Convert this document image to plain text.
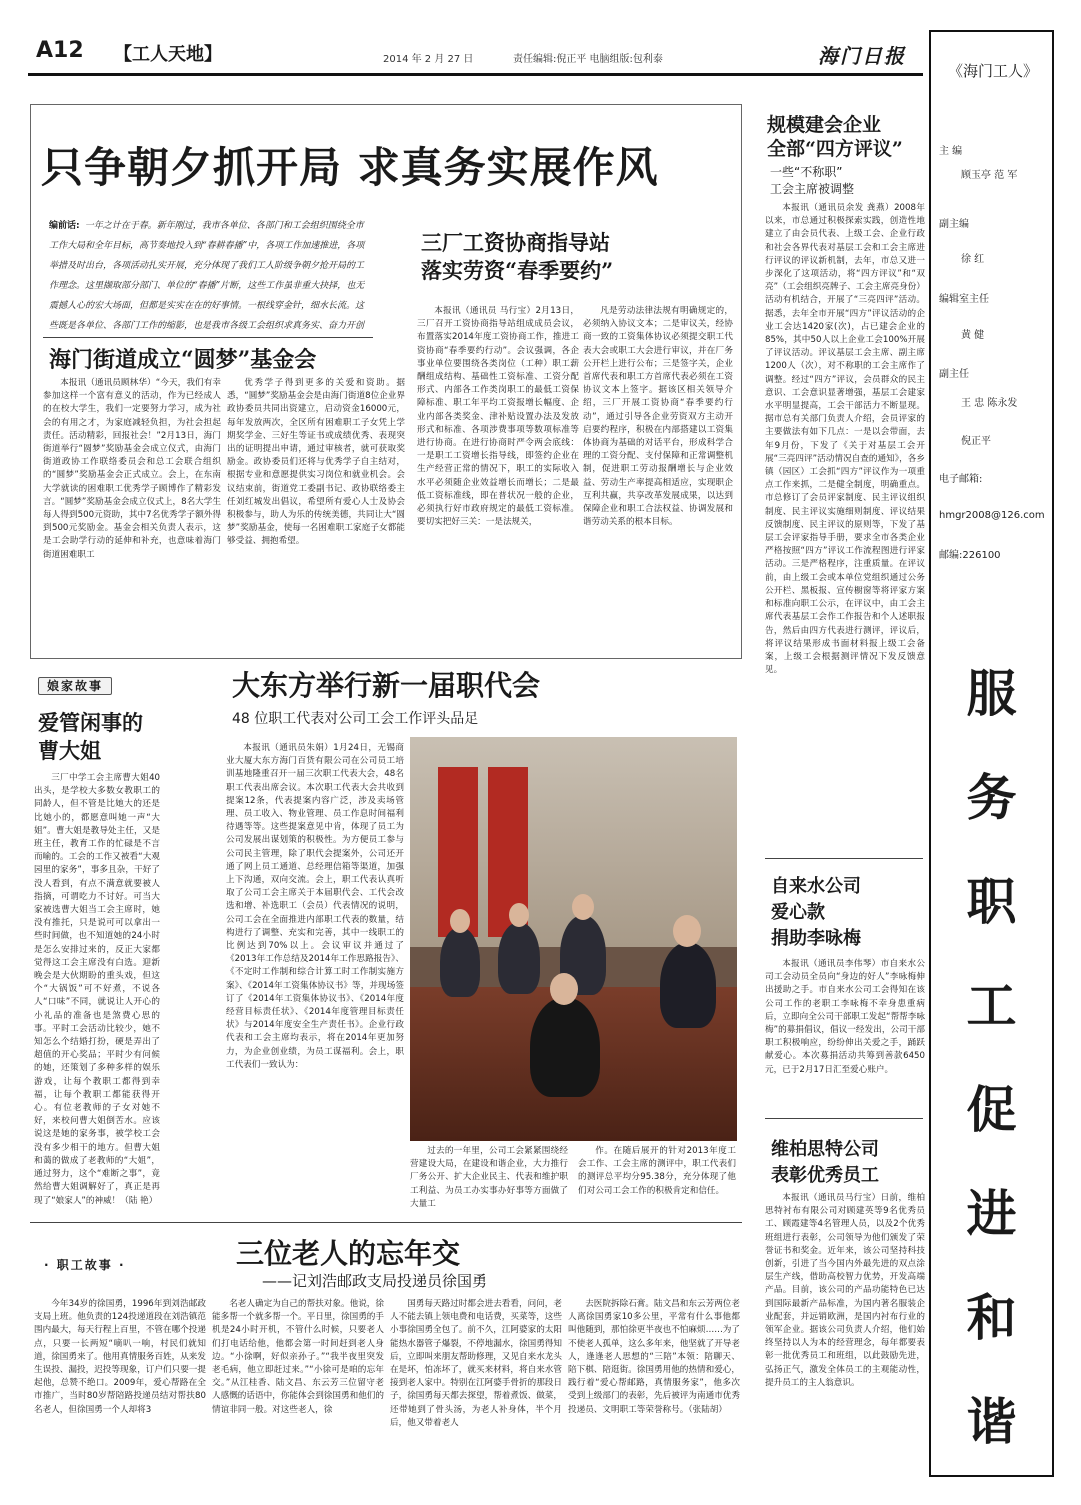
A12 【工人天地】	2014 年 2 月 27 日	责任编辑:倪正平 电脑组版:包利泰	海门日报
《海门工人》
主 编
顾玉亭 范 军
副主编
徐 红
编辑室主任
黄 健
副主任
王 忠 陈永发
倪正平
电子邮箱:
hmgr2008@126.com
邮编:226100
服
务
职
工
促
进
和
谐
只争朝夕抓开局 求真务实展作风
编前话: 一年之计在于春。新年刚过，我市各单位、各部门和工会组织围绕全市工作大局和全年目标，高节奏地投入到“春耕春播”中，各项工作加速推进，各项举措及时出台，各项活动扎实开展，充分体现了我们工人阶级争朝夕抢开局的工作理念。这里撷取部分部门、单位的“春播”片断，这些工作虽非重大抉择，也无震撼人心的宏大场面，但都是实实在在的好事情。一根线穿金针，细水长流。这些既是各单位、各部门工作的缩影，也是我市各级工会组织求真务实、奋力开创
三厂工资协商指导站
落实劳资“春季要约”
本报讯（通讯员 马行宝）2月13日，三厂召开工资协商指导站组成成员会议，布置落实2014年度工资协商工作，推进工资协商“春季要约行动”。会议强调，各企事业单位要围绕各类岗位（工种）职工薪酬组成结构、基础性工资标准、工资分配形式、内部各工作类岗职工的最低工资保障标准、职工年平均工资报增长幅度、企业内部各类奖金、津补贴设置办法及发放形式和标准、各项涉费事项等数项标准等进行协商。在进行协商时严令两会底线：一是职工工资增长指导线，即签约企业在生产经营正常的情况下，职工的实际收入水平必须随企业效益增长而增长；二是最低工资标准线，即在普状况一般的企业，必须执行好市政府规定的最低工资标准。要切实把好三关：一是法规关，
凡是劳动法律法规有明确规定的，必须纳入协议文本；二是审议关，经协商一致的工资集体协议必须提交职工代表大会或职工大会进行审议，并在厂务公开栏上进行公布；三是签字关，企业首席代表和职工方首席代表必须在工资协议文本上签字。据该区相关领导介绍，三厂开展工资协商“春季要约行动”，通过引导各企业劳资双方主动开启要约程序，积极在内部搭建以工资集体协商为基础的对话平台，形成科学合理的工资分配、支付保障和正常调整机制，促进职工劳动报酬增长与企业效益、劳动生产率提高相适应，实现职企互利共赢，共享改革发展成果，以达到保障企业和职工合法权益、协调发展和谐劳动关系的根本目标。
海门街道成立“圆梦”基金会
本报讯（通讯员顾林华）“今天，我们有幸参加这样一个富有意义的活动，作为已经成人的在校大学生，我们一定要努力学习，成为社会的有用之才，为家庭减轻负担，为社会担起责任。活动精彩，回报社会！”2月13日，海门街道举行“圆梦”奖励基金会成立仪式，由海门街道政协工作联络委员会和总工会联合组织的“圆梦”奖励基金会正式成立。会上，在东南大学就读的困难职工优秀学子顾博作了精彩发言。“圆梦”奖励基金会成立仪式上，8名大学生每人得到500元资助，其中7名优秀学子额外得到500元奖励金。基金会相关负责人表示，这是工会助学行动的延伸和补充，也意味着海门街道困难职工
优秀学子得到更多的关爱和资助。据悉，“圆梦”奖励基金会是由海门街道8位企业界政协委员共同出资建立，启动资金16000元，每年发放两次，全区所有困难职工子女凭上学期奖学金、三好生等证书或成绩优秀、表现突出的证明提出申请，通过审核者，就可获取奖励金。政协委员们还将与优秀学子自主结对，根据专业和意愿提供实习岗位和就业机会。会议结束前，街道党工委副书记、政协联络委主任刘红城发出倡议，希望所有爱心人士及协会积极参与，助人为乐的传统美德，共同让大“圆梦”奖励基金，使每一名困难职工家庭子女都能够受益、拥抱希望。
规模建会企业
全部“四方评议”
一些“不称职”
工会主席被调整
本报讯（通讯员余发 龚燕）2008年以来，市总通过积极探索实践，创造性地建立了由会员代表、上级工会、企业行政和社会各界代表对基层工会和工会主席进行评议的评议新机制，去年，市总又进一步深化了这项活动，将“四方评议”和“双亮”（工会组织亮牌子、工会主席亮身份）活动有机结合，开展了“三亮四评”活动。据悉，去年全市开展“四方”评议活动的企业工会达1420家(次)，占已建会企业的85%，其中50人以上企业工会100%开展了评议活动。评议基层工会主席、副主席1200人（次），对不称职的工会主席作了调整。经过“四方”评议，会员群众的民主意识、工会意识显著增强，基层工会建家水平明显提高，工会干部活力不断显现。据市总有关部门负责人介绍，会员评家的主要做法有如下几点：一是以会带面，去年9月份，下发了《关于对基层工会开展“三亮四评”活动情况自查的通知》，各乡镇（园区）工会抓“四方”评议作为一项重点工作来抓，二是健全制度，明确重点。市总修订了会员评家制度、民主评议组织制度、民主评议实施细则制度、评议结果反馈制度、民主评议的原则等，下发了基层工会评家指导手册，要求全市各类企业严格按照“四方”评议工作流程图进行评家活动。三是严格程序，注重质量。在评议前，由上级工会或本单位党组织通过公务公开栏、黑板报、宣传橱窗等将评家方案和标准向职工公示，在评议中，由工会主席代表基层工会作工作报告和个人述职报告，然后由四方代表进行测评，评议后，将评议结果形成书面材料报上级工会备案，上级工会根据测评情况下发反馈意见。
自来水公司
爱心款
捐助李咏梅
本报讯（通讯员李伟琴）市自来水公司工会动员全员向“身边的好人”李咏梅伸出援助之手。市自来水公司工会得知在该公司工作的老职工李咏梅不幸身患重病后，立即向全公司干部职工发起“帮帮李咏梅”的募捐倡议，倡议一经发出，公司干部职工积极响应，纷纷伸出关爱之手，踊跃献爱心。本次募捐活动共筹到善款6450元，已于2月17日汇至爱心账户。
维柏思特公司
表彰优秀员工
本报讯（通讯员马行宝）日前，维柏思特衬布有限公司对顾建英等9名优秀员工、顾霞建等4名管理人员，以及2个优秀班组进行表彰，公司领导为他们颁发了荣誉证书和奖金。近年来，该公司坚持科技创新，引进了当今国内外最先进的双点涂层生产线，借助高校智力优势，开发高端产品。目前，该公司的产品功能特色已达到国际最新产品标准，为国内著名服装企业配套，并远销欧洲，是国内衬布行业的领军企业。据该公司负责人介绍，他们始终坚持以人为本的经营理念，每年都要表彰一批优秀员工和班组，以此鼓励先进，弘扬正气，激发全体员工的主观能动性，提升员工的主人翁意识。
娘家故事
爱管闲事的
曹大姐
三厂中学工会主席曹大姐40出头，是学校大多数女教职工的同龄人，但不管是比她大的还是比她小的，都愿意叫她一声“大姐”。曹大姐是教导处主任，又是班主任，教育工作的忙碌是不言而喻的。工会的工作又被看“大观园里的家务”，事多且杂，干好了没人看到，有点不满意就要被人指摘，可谓吃力不讨好。可当大家被选曹大姐当工会主席时，她没有推托，只是说可可以拿出一些时间做，也不知道她的24小时是怎么安排过来的，反正大家都觉得这工会主席没有白选。迎新晚会是大伙期盼的重头戏，但这个“大锅饭”可不好煮，不说各人“口味”不同，就说让人开心的小礼品的准备也是煞费心思的事。平时工会活动比较少，她不知怎么个结婚打扮，硬是弄出了超值的开心奖品；平时少有问候的她，还策划了多种多样的娱乐游戏，让每个教职工都得到幸福，让每个教职工都能获得开心。有位老教师的子女对她不好，来校问曹大姐倒苦水。应该说这是她的家务事，被学校工会没有多少相干的地方。但曹大姐和蔼的做成了老教师的“大姐”，通过努力，这个“难断之事”，竟然给曹大姐调解好了，真正是再现了“娘家人”的神威！（陆 艳）
大东方举行新一届职代会
48 位职工代表对公司工会工作评头品足
本报讯（通讯员朱娟）1月24日，无锡商业大厦大东方海门百货有限公司在公司员工培训基地隆重召开一届三次职工代表大会，48名职工代表出席会议。本次职工代表大会共收到提案12条，代表提案内容广泛，涉及卖场管理、员工收入、物业管理、员工作息时间福利待遇等等。这些提案意见中肯，体现了员工为公司发展出谋划策的积极性。为方便员工参与公司民主管理，除了职代会提案外，公司还开通了网上员工通道、总经理信箱等渠道，加强上下沟通，双向交流。会上，职工代表认真听取了公司工会主席关于本届职代会、工代会改选和增、补选职工（会员）代表情况的说明，公司工会在全面推进内部职工代表的数量，结构进行了调整、充实和完善，其中一线职工的比例达到70%以上。会议审议并通过了《2013年工作总结及2014年工作思路报告》、《不定时工作制和综合计算工时工作制实施方案》、《2014年工资集体协议书》等，并现场签订了《2014年工资集体协议书》、《2014年度经营目标责任状》、《2014年度管理目标责任状》与2014年度安全生产责任书》。企业行政代表和工会主席均表示，将在2014年更加努力，为企业创业绩，为员工谋福利。会上，职工代表们一致认为：
过去的一年里，公司工会紧紧围绕经营建设大局，在建设和谐企业，大力推行厂务公开、扩大企业民主、代表和维护职工利益、为员工办实事办好事等方面做了大量工
作。在随后展开的针对2013年度工会工作、工会主席的测评中，职工代表们的测评总平均分95.38分，充分体现了他们对公司工会工作的积极肯定和信任。
· 职工故事 ·	三位老人的忘年交
——记刘浩邮政支局投递员徐国勇
今年34岁的徐国勇，1996年到刘浩邮政支局上班。他负责的124投递道段在刘浩镇范围内最大，每天行程上百里，不管在哪个投递点，只要一长两短“嘀叭一响，村民们就知道，徐国勇来了。他用真情服务百姓，从来发生误投、漏投，迟投等现象，订户们只要一提起他，总赞不绝口。2009年，爱心帮路在全市推广，当时80岁帮陪路投递员结对帮扶80名老人，但徐国勇一个人却将3
名老人确定为自己的帮扶对象。他说，徐能多帮一个就多帮一个。平日里，徐国勇的手机是24小时开机，不管什么时候，只要老人们打电话给他，他都会第一时间赶到老人身边。“小徐啊，好似亲孙子。”“我半夜里突发老毛病，他立即赶过来。”“小徐可是咱的忘年交。”从江桂香、陆文昌、东云芳三位留守老人感慨的话语中，你能体会到徐国勇和他们的情谊非同一般。对这些老人，徐
国勇每天路过时都会进去看看，问问，老人不能去镇上领电费和电话费，买菜等，这些小事徐国勇全包了。前不久，江阿婆家的太阳能热水器管子爆裂，不停地漏水，徐国勇得知后，立即叫来朋友帮助修理，又见自来水龙头在是坏，怕冻坏了，就买来材料，将自来水管接到老人家中。特别在江阿婆手骨折的那段日子，徐国勇每天都去探望，帮着煮饭、做菜，还带她到了骨头汤，为老人补身体，半个月后，他又带着老人
去医院拆除石膏。陆文昌和东云芳两位老人离徐国勇家10多公里，平常有什么事他都叫他随到，那怕徐更半夜也不怕麻烦……为了不使老人孤单，这么多年来，他坚就了开导老人，逢逢老人思想的“三陪”本领：陪聊天、陪下棋、陪逛街。徐国勇用他的热情和爱心，践行着“爱心帮邮路，真情服务家”，他多次受到上级部门的表彰，先后被评为南通市优秀投递员、文明职工等荣誉称号。（张陆胡）
